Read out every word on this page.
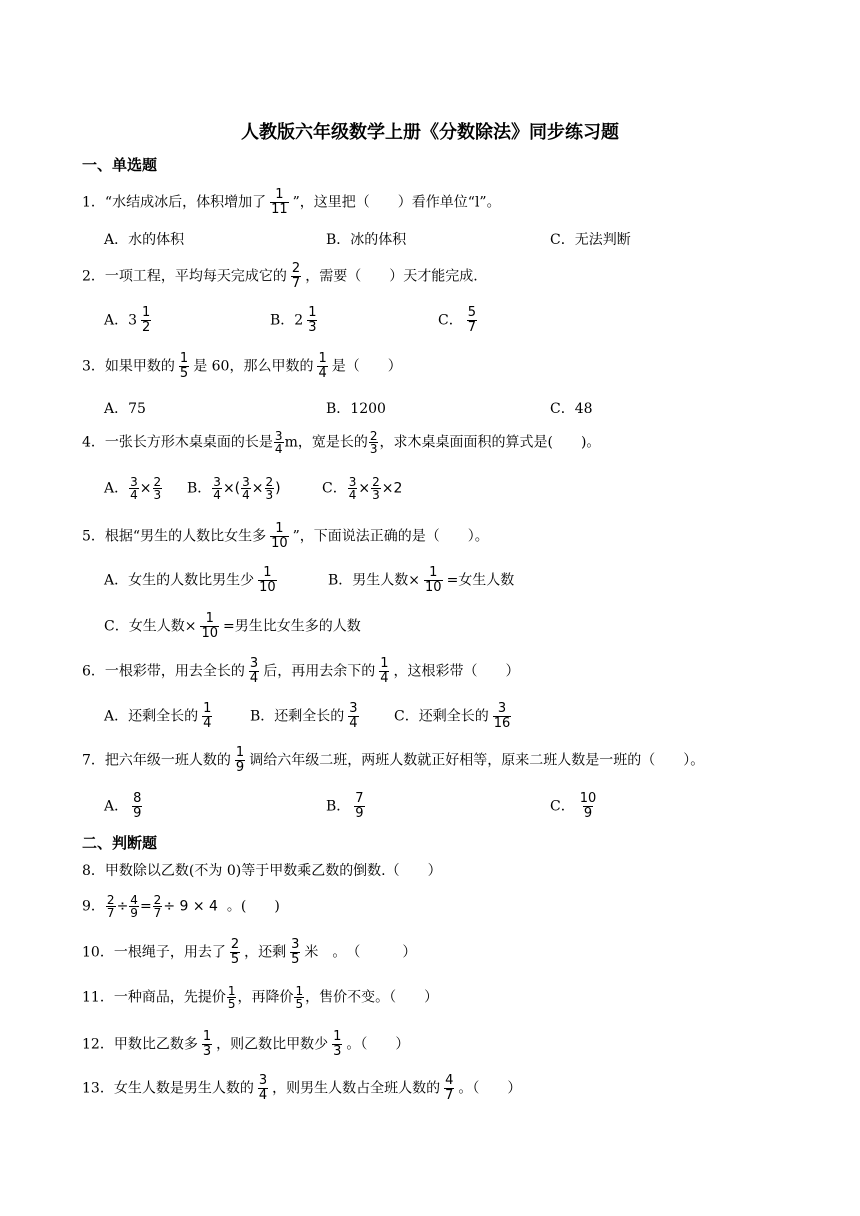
人教版六年级数学上册《分数除法》同步练习题
一、单选题
1．“水结成冰后，体积增加了 $\frac{1}{11}$ ”，这里把（　　）看作单位“l”。
A．水的体积	B．冰的体积	C．无法判断
2．一项工程，平均每天完成它的 $\frac{2}{7}$ ，需要（　　）天才能完成.
A．$3 \frac{1}{2}$	B．$2 \frac{1}{3}$	C． $\frac{5}{7}$
3．如果甲数的 $\frac{1}{5}$ 是 60，那么甲数的 $\frac{1}{4}$ 是（　　）
A．75	B．1200	C．48
4．一张长方形木桌桌面的长是 $\frac{3}{4}$ m，宽是长的 $\frac{2}{3}$ ，求木桌桌面面积的算式是(　　)。
A． $\frac{3}{4} \times \frac{2}{3}$ B． $\frac{3}{4}$ ×( $\frac{3}{4} \times \frac{2}{3}$ )	C． $\frac{3}{4} \times \frac{2}{3} \times 2$
5．根据“男生的人数比女生多 $\frac{1}{10}$ ”，下面说法正确的是（　　）。
A．女生的人数比男生少 $\frac{1}{10}$	B．男生人数× $\frac{1}{10}$ =女生人数
C．女生人数× $\frac{1}{10}$ =男生比女生多的人数
6．一根彩带，用去全长的 $\frac{3}{4}$ 后，再用去余下的 $\frac{1}{4}$ ，这根彩带（　　）
A．还剩全长的 $\frac{1}{4}$	B．还剩全长的 $\frac{3}{4}$	C．还剩全长的 $\frac{3}{16}$
7．把六年级一班人数的 $\frac{1}{9}$ 调给六年级二班，两班人数就正好相等，原来二班人数是一班的（　　）。
A． $\frac{8}{9}$	B． $\frac{7}{9}$	C． $\frac{10}{9}$
二、判断题
8．甲数除以乙数(不为 0)等于甲数乘乙数的倒数.（　　）
9． $\frac{2}{7} \div \frac{4}{9} = \frac{2}{7} \div 9 \times 4$ 。(　　)
10．一根绳子，用去了 $\frac{2}{5}$ ，还剩 $\frac{3}{5}$ 米　。　（　　　）
11．一种商品，先提价 $\frac{1}{5}$ ，再降价 $\frac{1}{5}$ ，售价不变。（　　）
12．甲数比乙数多 $\frac{1}{3}$ ，则乙数比甲数少 $\frac{1}{3}$ 。（　　）
13．女生人数是男生人数的 $\frac{3}{4}$ ，则男生人数占全班人数的 $\frac{4}{7}$ 。（　　）
